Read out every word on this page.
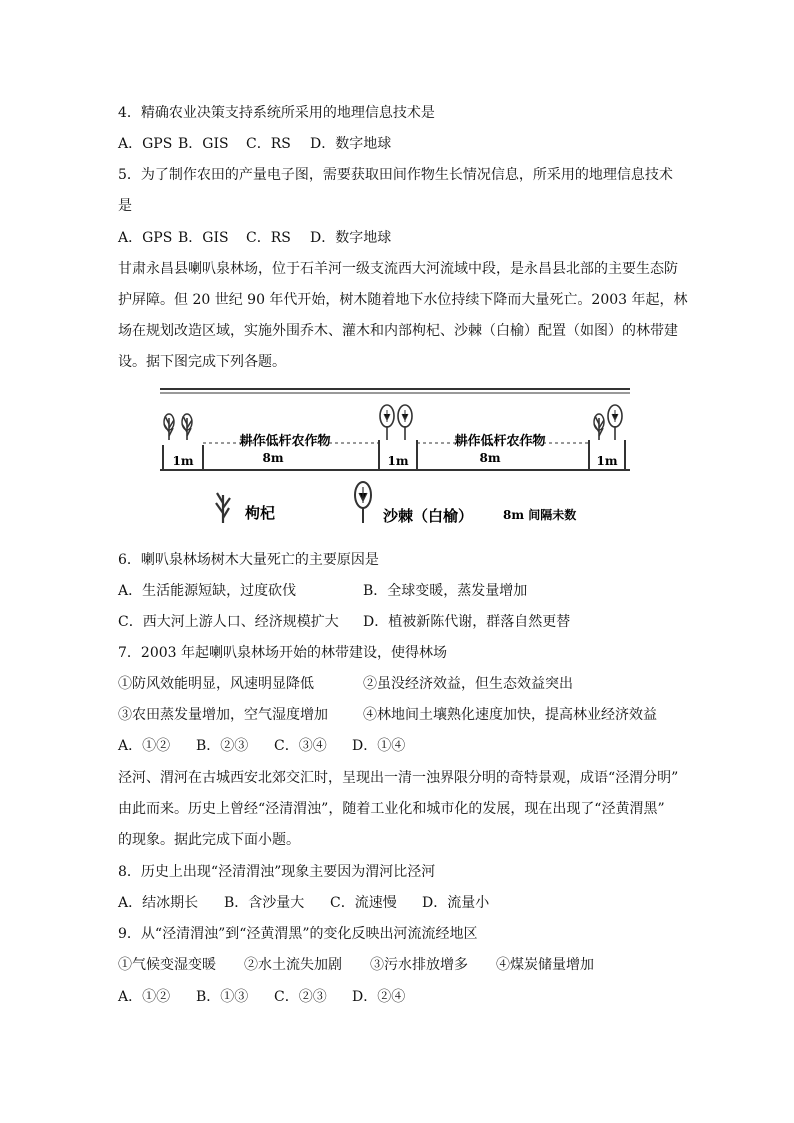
4．精确农业决策支持系统所采用的地理信息技术是
A．GPS B．GIS	C．RS	D．数字地球
5．为了制作农田的产量电子图，需要获取田间作物生长情况信息，所采用的地理信息技术
是
A．GPS B．GIS	C．RS	D．数字地球
甘肃永昌县喇叭泉林场，位于石羊河一级支流西大河流域中段，是永昌县北部的主要生态防
护屏障。但 20 世纪 90 年代开始，树木随着地下水位持续下降而大量死亡。2003 年起，林
场在规划改造区域，实施外围乔木、灌木和内部枸杞、沙棘（白榆）配置（如图）的林带建
设。据下图完成下列各题。
耕作低杆农作物	耕作低杆农作物
1m	8m	1m	8m	1m
枸杞	沙棘（白榆） 8m 间隔未数
6．喇叭泉林场树木大量死亡的主要原因是
A．生活能源短缺，过度砍伐	B．全球变暖，蒸发量增加
C．西大河上游人口、经济规模扩大	D．植被新陈代谢，群落自然更替
7．2003 年起喇叭泉林场开始的林带建设，使得林场
①防风效能明显，风速明显降低	②虽没经济效益，但生态效益突出
③农田蒸发量增加，空气湿度增加	④林地间土壤熟化速度加快，提高林业经济效益
A．①②	B．②③	C．③④	D．①④
泾河、渭河在古城西安北郊交汇时，呈现出一清一浊界限分明的奇特景观，成语“泾渭分明”
由此而来。历史上曾经“泾清渭浊”，随着工业化和城市化的发展，现在出现了“泾黄渭黑”
的现象。据此完成下面小题。
8．历史上出现“泾清渭浊”现象主要因为渭河比泾河
A．结冰期长	B．含沙量大	C．流速慢	D．流量小
9．从“泾清渭浊”到“泾黄渭黑”的变化反映出河流流经地区
①气候变湿变暖	②水土流失加剧	③污水排放增多	④煤炭储量增加
A．①②	B．①③	C．②③	D．②④
